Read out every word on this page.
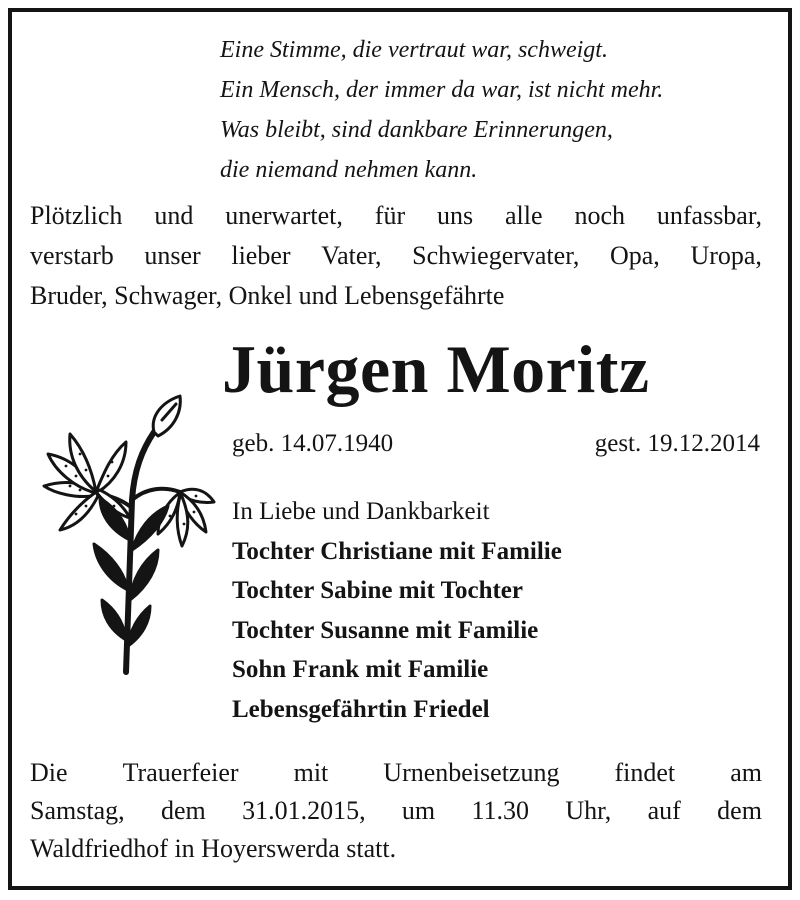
Eine Stimme, die vertraut war, schweigt.
Ein Mensch, der immer da war, ist nicht mehr.
Was bleibt, sind dankbare Erinnerungen,
die niemand nehmen kann.
Plötzlich und unerwartet, für uns alle noch unfassbar,
verstarb unser lieber Vater, Schwiegervater, Opa, Uropa,
Bruder, Schwager, Onkel und Lebensgefährte
Jürgen Moritz
geb. 14.07.1940	gest. 19.12.2014
In Liebe und Dankbarkeit
Tochter Christiane mit Familie
Tochter Sabine mit Tochter
Tochter Susanne mit Familie
Sohn Frank mit Familie
Lebensgefährtin Friedel
Die Trauerfeier mit Urnenbeisetzung findet am
Samstag, dem 31.01.2015, um 11.30 Uhr, auf dem
Waldfriedhof in Hoyerswerda statt.
